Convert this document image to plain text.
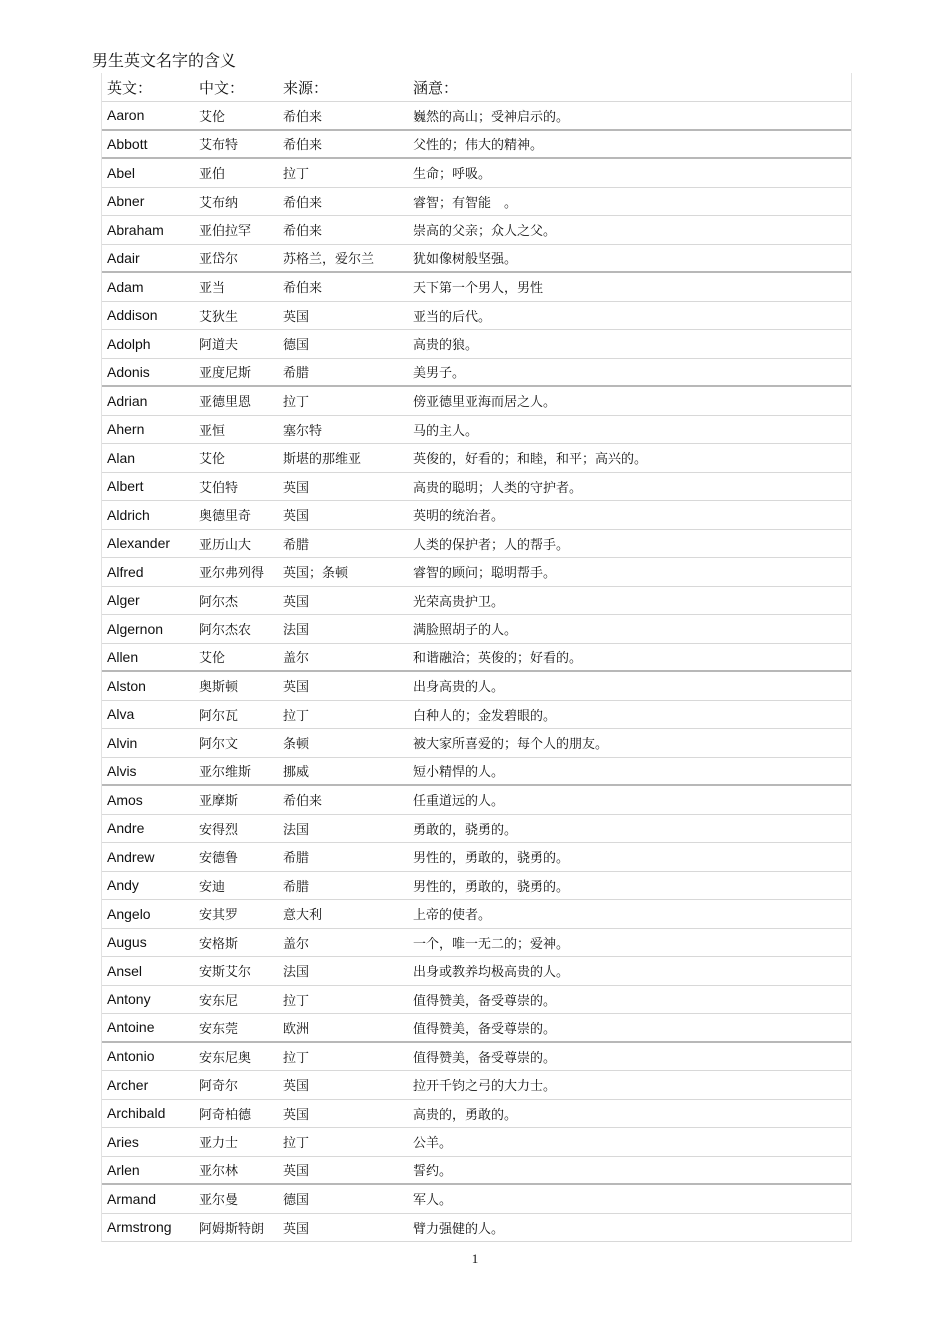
男生英文名字的含义
英文：	中文：	来源：	涵意：
Aaron	艾伦	希伯来	巍然的高山；受神启示的。
Abbott	艾布特	希伯来	父性的；伟大的精神。
Abel	亚伯	拉丁	生命；呼吸。
Abner	艾布纳	希伯来	睿智；有智能　。
Abraham	亚伯拉罕	希伯来	崇高的父亲；众人之父。
Adair	亚岱尔	苏格兰，爱尔兰	犹如像树般坚强。
Adam	亚当	希伯来	天下第一个男人，男性
Addison	艾狄生	英国	亚当的后代。
Adolph	阿道夫	德国	高贵的狼。
Adonis	亚度尼斯	希腊	美男子。
Adrian	亚德里恩	拉丁	傍亚德里亚海而居之人。
Ahern	亚恒	塞尔特	马的主人。
Alan	艾伦	斯堪的那维亚	英俊的，好看的；和睦，和平；高兴的。
Albert	艾伯特	英国	高贵的聪明；人类的守护者。
Aldrich	奥德里奇	英国	英明的统治者。
Alexander	亚历山大	希腊	人类的保护者；人的帮手。
Alfred	亚尔弗列得	英国；条顿	睿智的顾问；聪明帮手。
Alger	阿尔杰	英国	光荣高贵护卫。
Algernon	阿尔杰农	法国	满脸照胡子的人。
Allen	艾伦	盖尔	和谐融洽；英俊的；好看的。
Alston	奥斯顿	英国	出身高贵的人。
Alva	阿尔瓦	拉丁	白种人的；金发碧眼的。
Alvin	阿尔文	条顿	被大家所喜爱的；每个人的朋友。
Alvis	亚尔维斯	挪威	短小精悍的人。
Amos	亚摩斯	希伯来	任重道远的人。
Andre	安得烈	法国	勇敢的，骁勇的。
Andrew	安德鲁	希腊	男性的，勇敢的，骁勇的。
Andy	安迪	希腊	男性的，勇敢的，骁勇的。
Angelo	安其罗	意大利	上帝的使者。
Augus	安格斯	盖尔	一个，唯一无二的；爱神。
Ansel	安斯艾尔	法国	出身或教养均极高贵的人。
Antony	安东尼	拉丁	值得赞美，备受尊崇的。
Antoine	安东莞	欧洲	值得赞美，备受尊崇的。
Antonio	安东尼奥	拉丁	值得赞美，备受尊崇的。
Archer	阿奇尔	英国	拉开千钧之弓的大力士。
Archibald	阿奇柏德	英国	高贵的，勇敢的。
Aries	亚力士	拉丁	公羊。
Arlen	亚尔林	英国	誓约。
Armand	亚尔曼	德国	军人。
Armstrong	阿姆斯特朗	英国	臂力强健的人。
1
